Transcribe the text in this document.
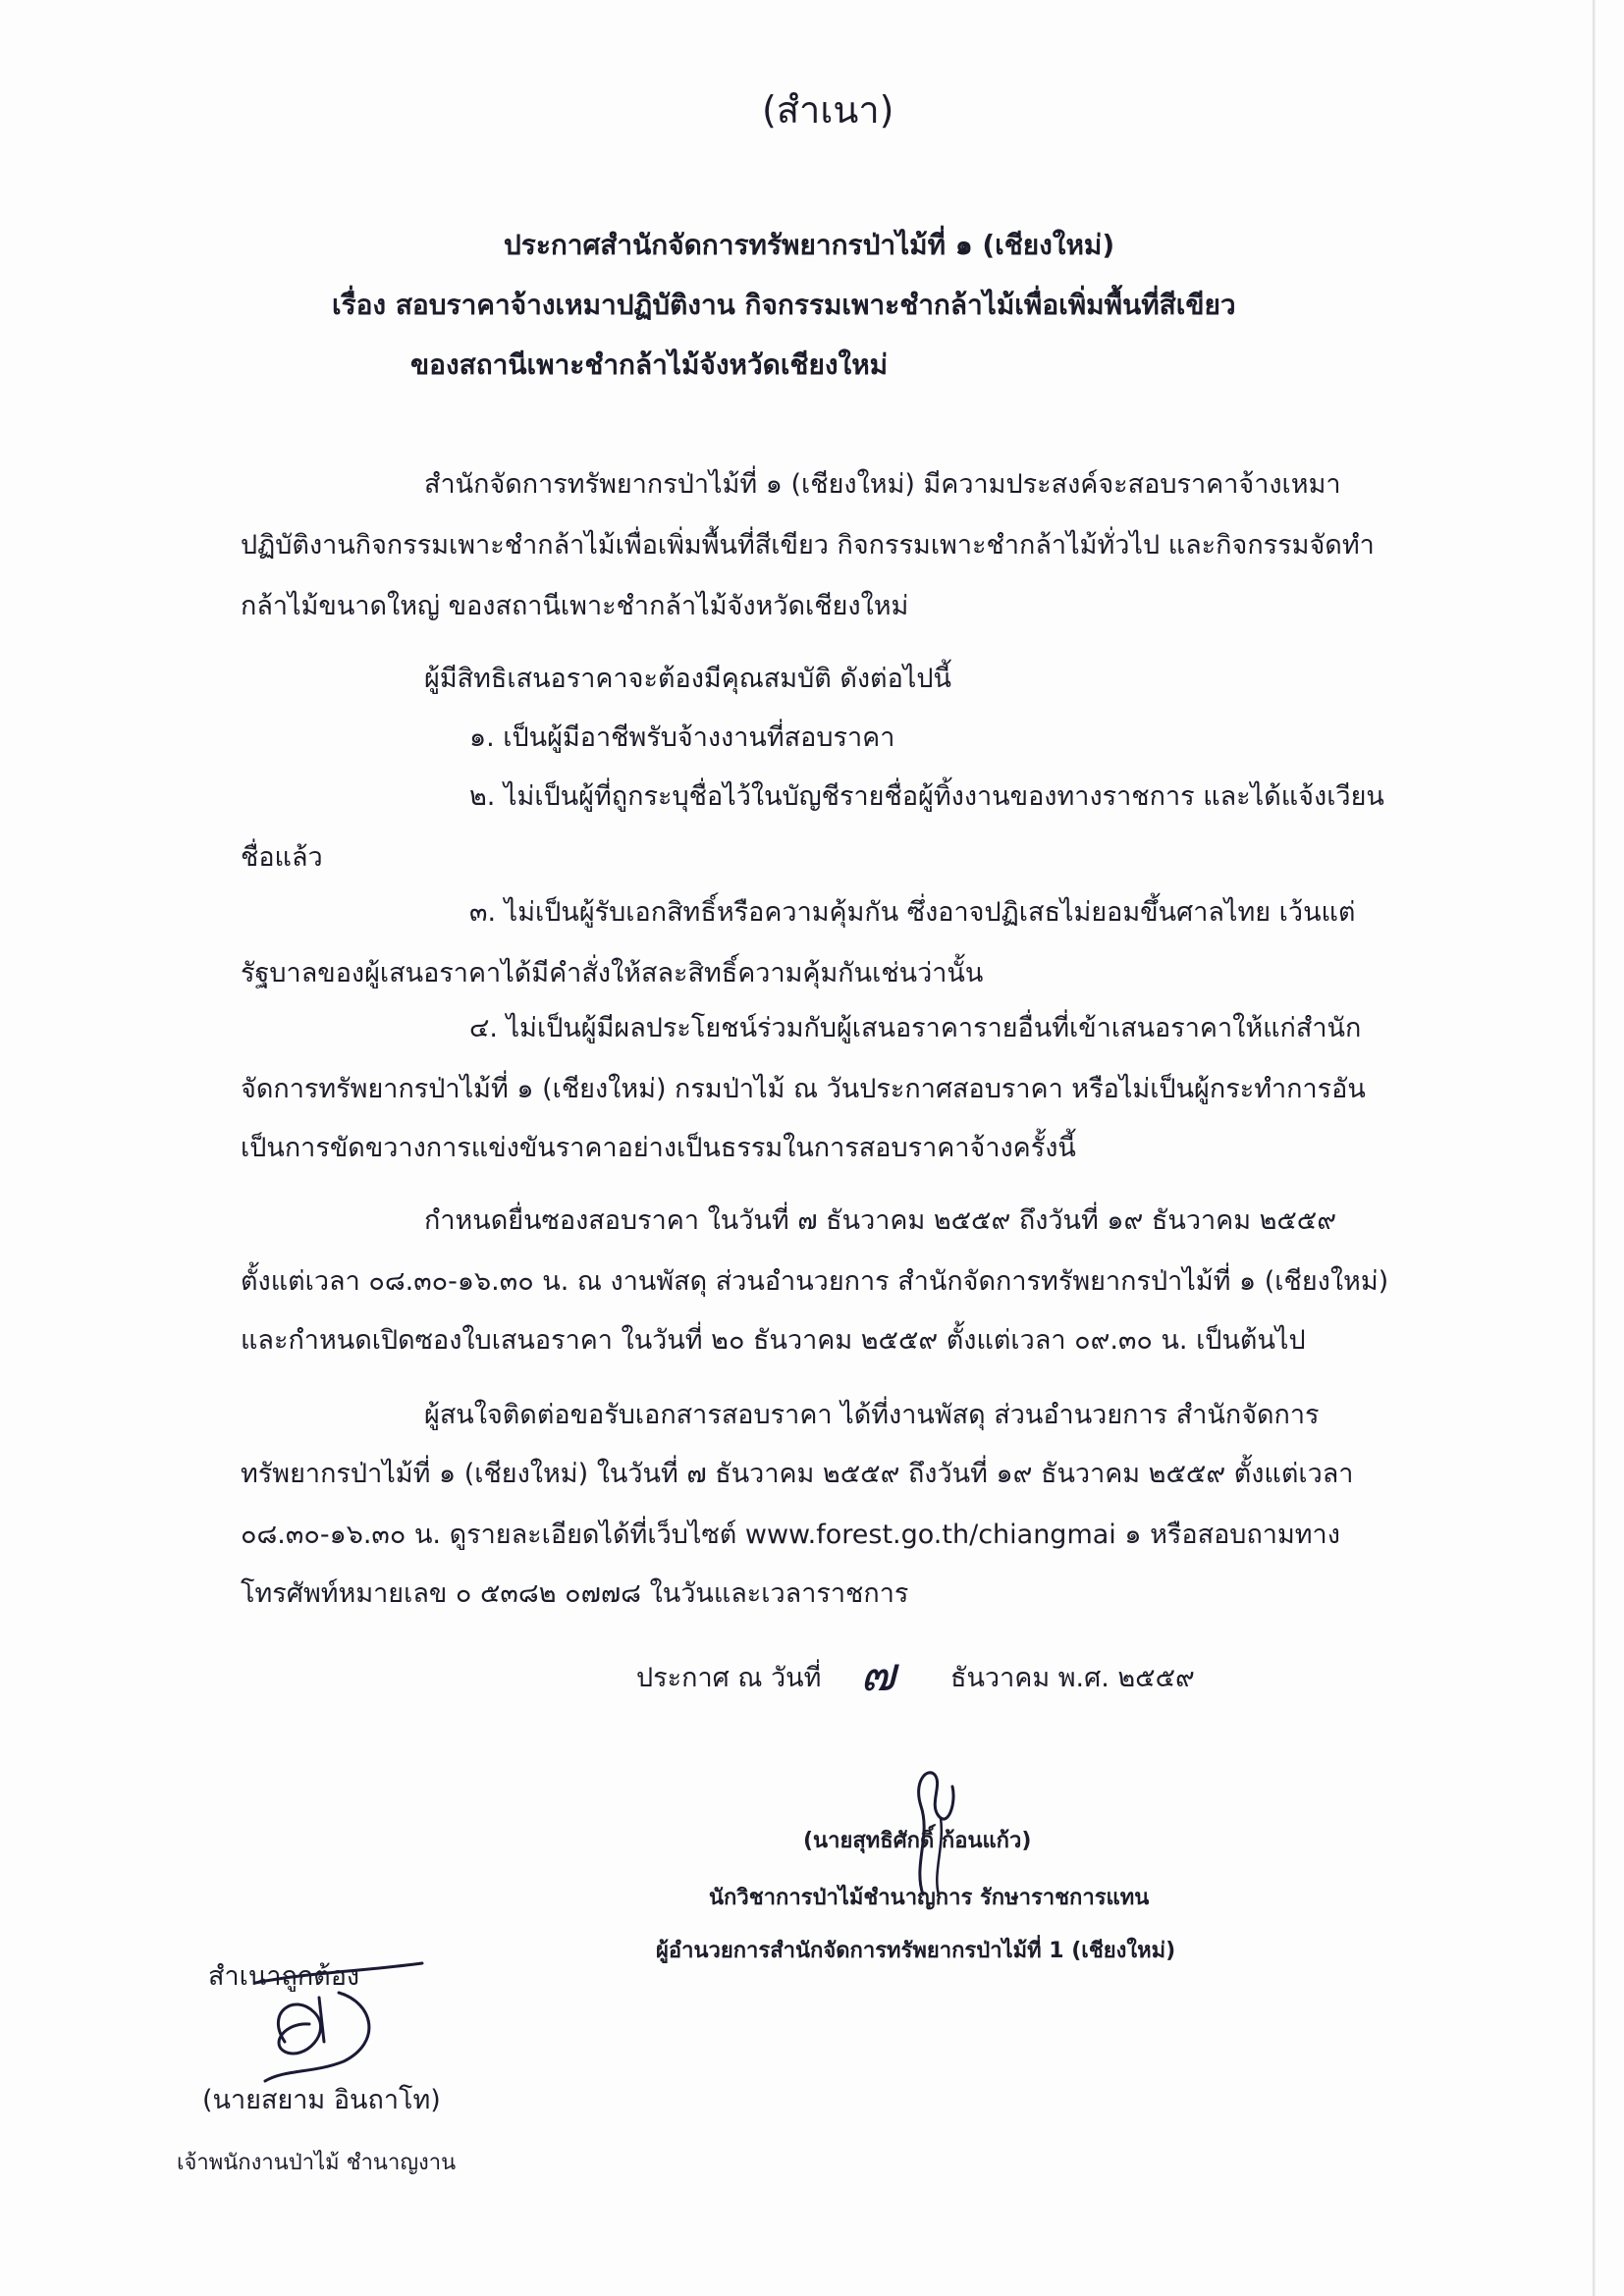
(สำเนา)
ประกาศสำนักจัดการทรัพยากรป่าไม้ที่ ๑ (เชียงใหม่)
เรื่อง สอบราคาจ้างเหมาปฏิบัติงาน กิจกรรมเพาะชำกล้าไม้เพื่อเพิ่มพื้นที่สีเขียว
ของสถานีเพาะชำกล้าไม้จังหวัดเชียงใหม่
สำนักจัดการทรัพยากรป่าไม้ที่ ๑ (เชียงใหม่) มีความประสงค์จะสอบราคาจ้างเหมา
ปฏิบัติงานกิจกรรมเพาะชำกล้าไม้เพื่อเพิ่มพื้นที่สีเขียว กิจกรรมเพาะชำกล้าไม้ทั่วไป และกิจกรรมจัดทำ
กล้าไม้ขนาดใหญ่ ของสถานีเพาะชำกล้าไม้จังหวัดเชียงใหม่
ผู้มีสิทธิเสนอราคาจะต้องมีคุณสมบัติ ดังต่อไปนี้
๑. เป็นผู้มีอาชีพรับจ้างงานที่สอบราคา
๒. ไม่เป็นผู้ที่ถูกระบุชื่อไว้ในบัญชีรายชื่อผู้ทิ้งงานของทางราชการ และได้แจ้งเวียน
ชื่อแล้ว
๓. ไม่เป็นผู้รับเอกสิทธิ์หรือความคุ้มกัน ซึ่งอาจปฏิเสธไม่ยอมขึ้นศาลไทย เว้นแต่
รัฐบาลของผู้เสนอราคาได้มีคำสั่งให้สละสิทธิ์ความคุ้มกันเช่นว่านั้น
๔. ไม่เป็นผู้มีผลประโยชน์ร่วมกับผู้เสนอราคารายอื่นที่เข้าเสนอราคาให้แก่สำนัก
จัดการทรัพยากรป่าไม้ที่ ๑ (เชียงใหม่) กรมป่าไม้ ณ วันประกาศสอบราคา หรือไม่เป็นผู้กระทำการอัน
เป็นการขัดขวางการแข่งขันราคาอย่างเป็นธรรมในการสอบราคาจ้างครั้งนี้
กำหนดยื่นซองสอบราคา ในวันที่ ๗ ธันวาคม ๒๕๕๙ ถึงวันที่ ๑๙ ธันวาคม ๒๕๕๙
ตั้งแต่เวลา ๐๘.๓๐-๑๖.๓๐ น. ณ งานพัสดุ ส่วนอำนวยการ สำนักจัดการทรัพยากรป่าไม้ที่ ๑ (เชียงใหม่)
และกำหนดเปิดซองใบเสนอราคา ในวันที่ ๒๐ ธันวาคม ๒๕๕๙ ตั้งแต่เวลา ๐๙.๓๐ น. เป็นต้นไป
ผู้สนใจติดต่อขอรับเอกสารสอบราคา ได้ที่งานพัสดุ ส่วนอำนวยการ สำนักจัดการ
ทรัพยากรป่าไม้ที่ ๑ (เชียงใหม่) ในวันที่ ๗ ธันวาคม ๒๕๕๙ ถึงวันที่ ๑๙ ธันวาคม ๒๕๕๙ ตั้งแต่เวลา
๐๘.๓๐-๑๖.๓๐ น. ดูรายละเอียดได้ที่เว็บไซต์ www.forest.go.th/chiangmai ๑ หรือสอบถามทาง
โทรศัพท์หมายเลข ๐ ๕๓๘๒ ๐๗๗๘ ในวันและเวลาราชการ
ประกาศ ณ วันที่ ๗ ธันวาคม พ.ศ. ๒๕๕๙
(นายสุทธิศักดิ์ ก้อนแก้ว)
นักวิชาการป่าไม้ชำนาญการ รักษาราชการแทน
ผู้อำนวยการสำนักจัดการทรัพยากรป่าไม้ที่ 1 (เชียงใหม่)
สำเนาถูกต้อง
(นายสยาม อินถาโท)
เจ้าพนักงานป่าไม้ ชำนาญงาน
